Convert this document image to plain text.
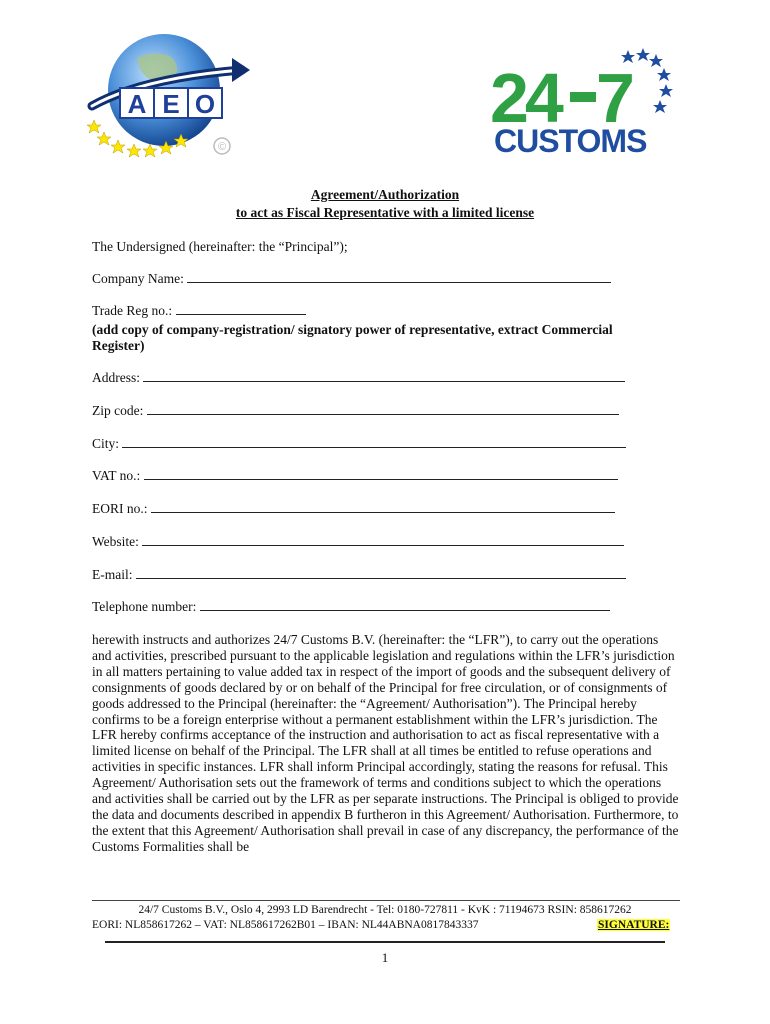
A E O
©
24 7
CUSTOMS
Agreement/Authorization
to act as Fiscal Representative with a limited license
The Undersigned (hereinafter: the “Principal”);
Company Name:
Trade Reg no.:
(add copy of company-registration/ signatory power of representative, extract Commercial Register)
Address:
Zip code:
City:
VAT no.:
EORI no.:
Website:
E-mail:
Telephone number:
herewith instructs and authorizes 24/7 Customs B.V. (hereinafter: the “LFR”), to carry out the operations and activities, prescribed pursuant to the applicable legislation and regulations within the LFR’s jurisdiction in all matters pertaining to value added tax in respect of the import of goods and the subsequent delivery of consignments of goods declared by or on behalf of the Principal for free circulation, or of consignments of goods addressed to the Principal (hereinafter: the “Agreement/ Authorisation”). The Principal hereby confirms to be a foreign enterprise without a permanent establishment within the LFR’s jurisdiction. The LFR hereby confirms acceptance of the instruction and authorisation to act as fiscal representative with a limited license on behalf of the Principal. The LFR shall at all times be entitled to refuse operations and activities in specific instances. LFR shall inform Principal accordingly, stating the reasons for refusal. This Agreement/ Authorisation sets out the framework of terms and conditions subject to which the operations and activities shall be carried out by the LFR as per separate instructions. The Principal is obliged to provide the data and documents described in appendix B furtheron in this Agreement/ Authorisation. Furthermore, to the extent that this Agreement/ Authorisation shall prevail in case of any discrepancy, the performance of the Customs Formalities shall be
24/7 Customs B.V., Oslo 4, 2993 LD Barendrecht - Tel: 0180-727811 - KvK : 71194673 RSIN: 858617262
EORI: NL858617262 – VAT: NL858617262B01 – IBAN: NL44ABNA0817843337	SIGNATURE:
1
